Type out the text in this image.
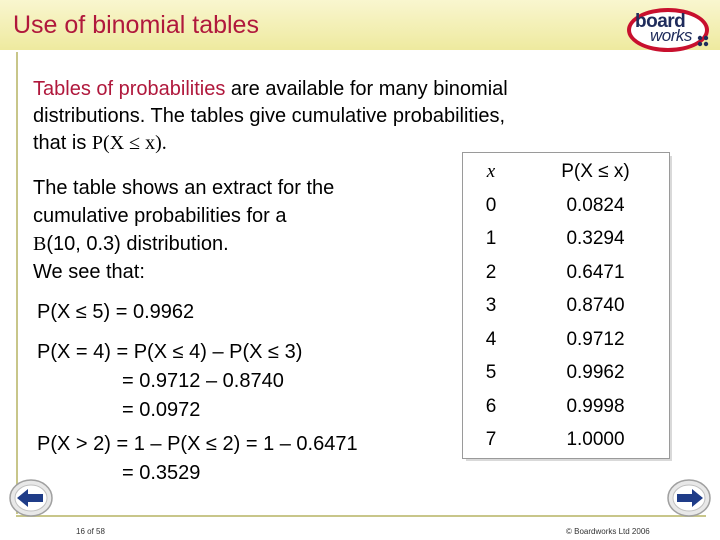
Use of binomial tables	board
works
Tables of probabilities are available for many binomial
distributions. The tables give cumulative probabilities,
that is P(X ≤ x).
The table shows an extract for the
cumulative probabilities for a
B(10, 0.3) distribution.
We see that:
P(X ≤ 5) = 0.9962
P(X = 4) = P(X ≤ 4) – P(X ≤ 3)
= 0.9712 – 0.8740
= 0.0972
P(X > 2) = 1 – P(X ≤ 2) = 1 – 0.6471
= 0.3529
x	P(X ≤ x)
0	0.0824
1	0.3294
2	0.6471
3	0.8740
4	0.9712
5	0.9962
6	0.9998
7	1.0000
16 of 58	© Boardworks Ltd 2006
